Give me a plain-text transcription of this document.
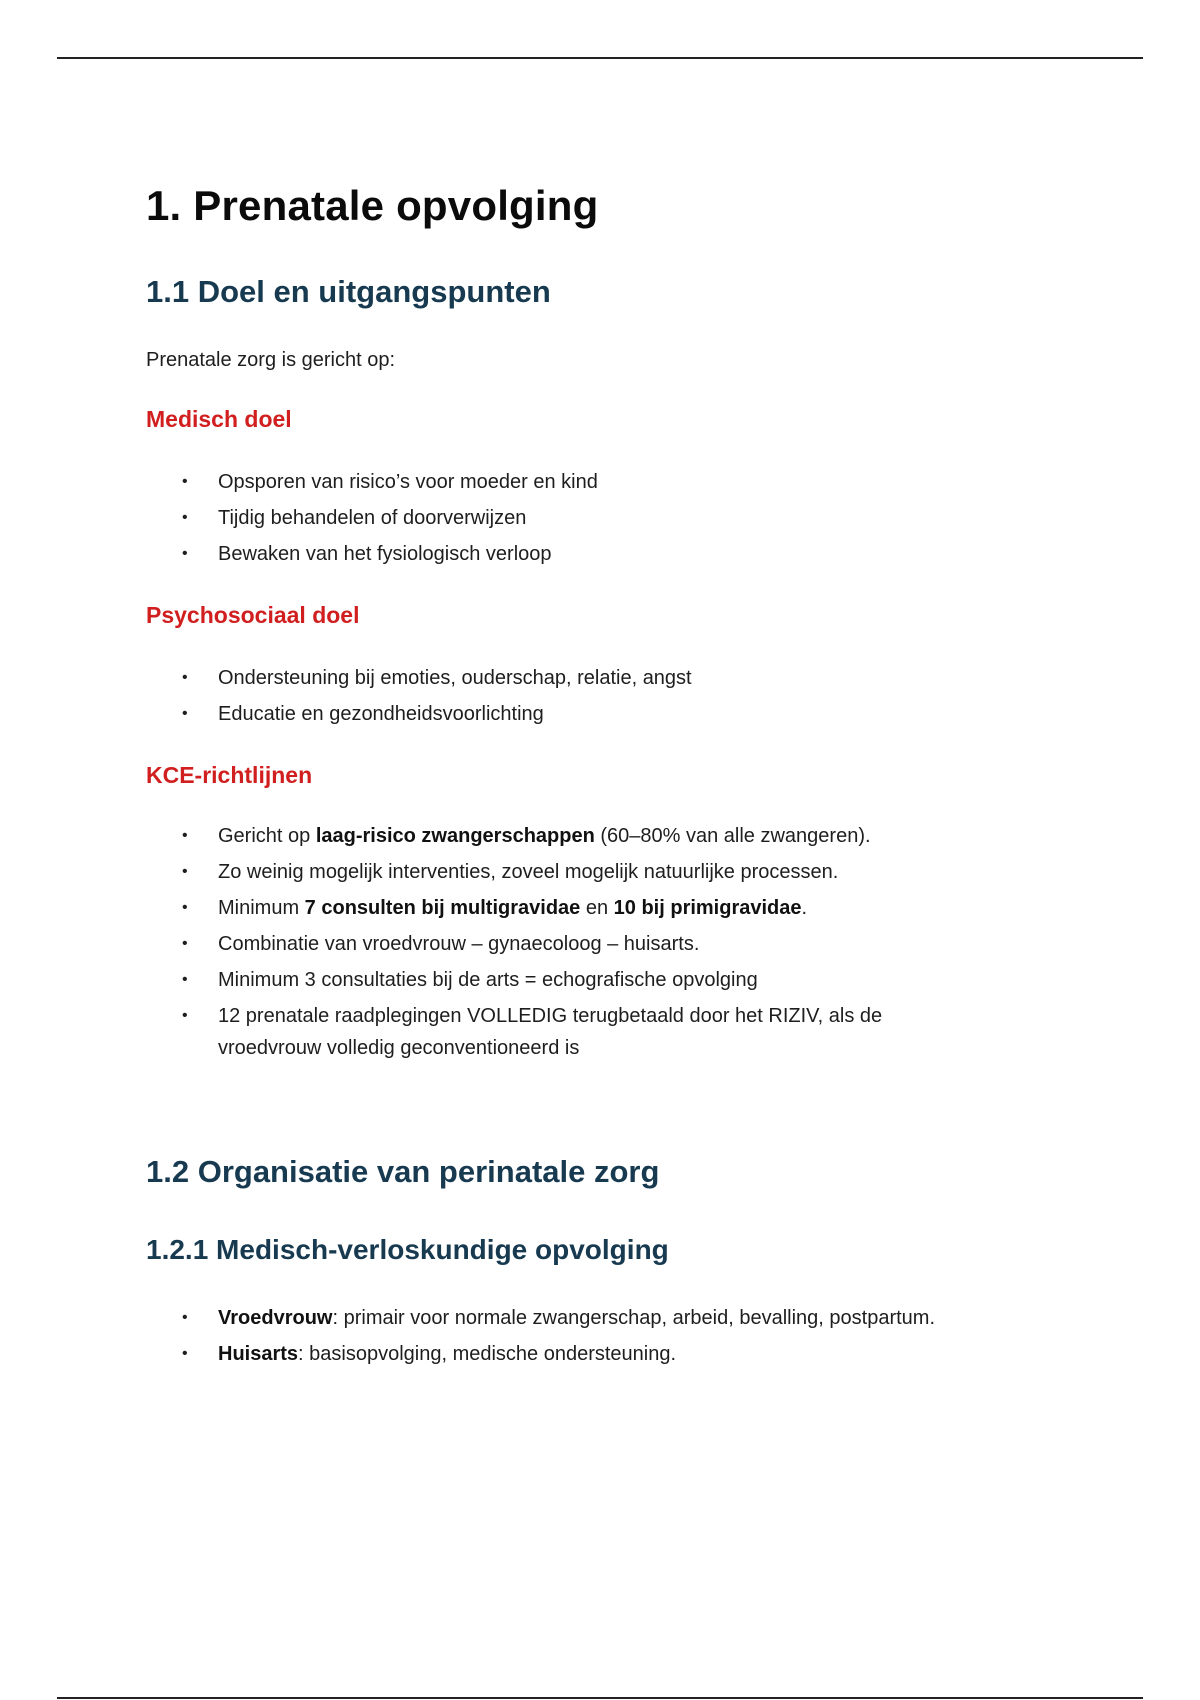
1. Prenatale opvolging
1.1 Doel en uitgangspunten

Prenatale zorg is gericht op:

Medisch doel
•	Opsporen van risico’s voor moeder en kind
•	Tijdig behandelen of doorverwijzen
•	Bewaken van het fysiologisch verloop
Psychosociaal doel
•	Ondersteuning bij emoties, ouderschap, relatie, angst
•	Educatie en gezondheidsvoorlichting
KCE-richtlijnen
•	Gericht op laag-risico zwangerschappen (60–80% van alle zwangeren).
•	Zo weinig mogelijk interventies, zoveel mogelijk natuurlijke processen.
•	Minimum 7 consulten bij multigravidae en 10 bij primigravidae.
•	Combinatie van vroedvrouw – gynaecoloog – huisarts.
•	Minimum 3 consultaties bij de arts = echografische opvolging
•	12 prenatale raadplegingen VOLLEDIG terugbetaald door het RIZIV, als de
vroedvrouw volledig geconventioneerd is
1.2 Organisatie van perinatale zorg
1.2.1 Medisch-verloskundige opvolging
•	Vroedvrouw: primair voor normale zwangerschap, arbeid, bevalling, postpartum.
•	Huisarts: basisopvolging, medische ondersteuning.
